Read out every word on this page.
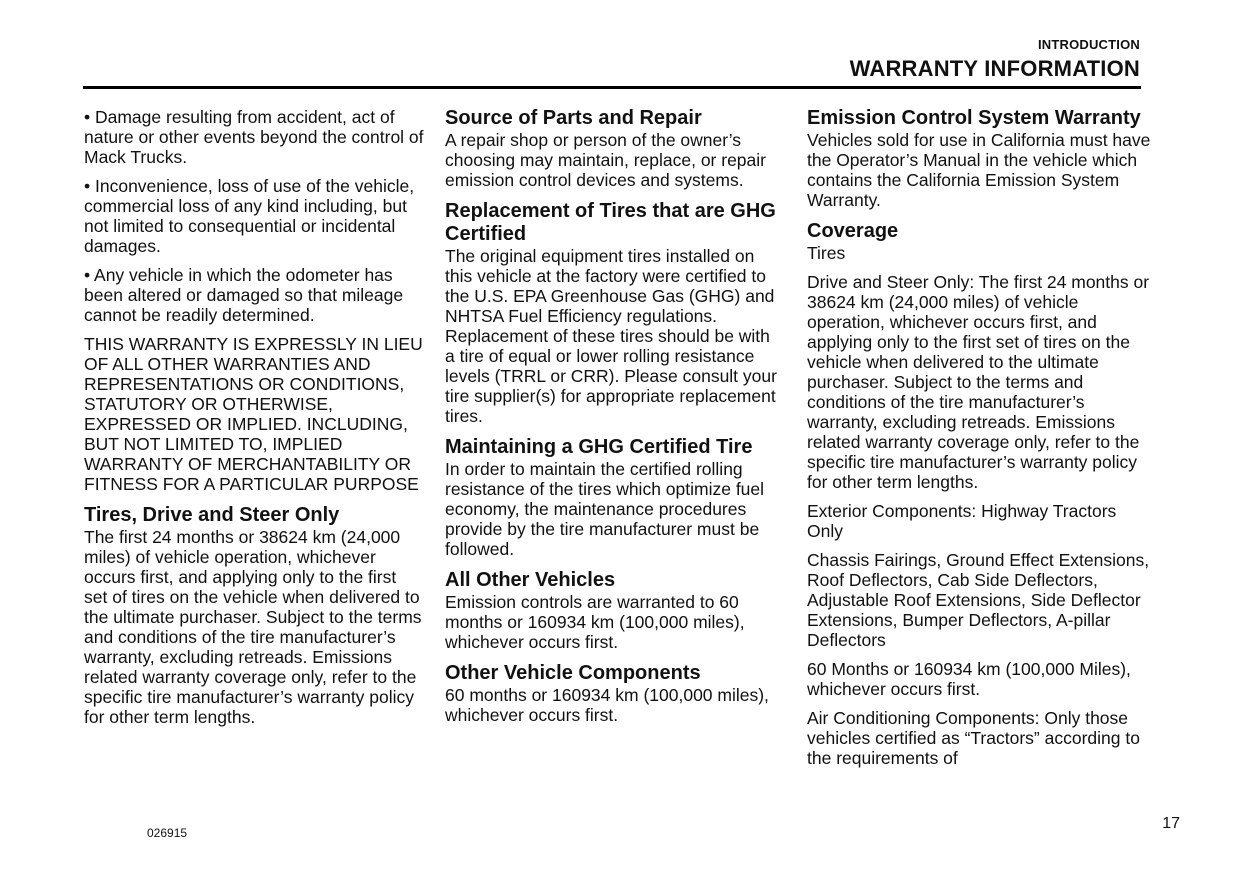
INTRODUCTION
WARRANTY INFORMATION

• Damage resulting from accident, act of nature or other events beyond the control of Mack Trucks.

• Inconvenience, loss of use of the vehicle, commercial loss of any kind including, but not limited to consequential or incidental damages.

• Any vehicle in which the odometer has been altered or damaged so that mileage cannot be readily determined.

THIS WARRANTY IS EXPRESSLY IN LIEU OF ALL OTHER WARRANTIES AND REPRESENTATIONS OR CONDITIONS, STATUTORY OR OTHERWISE, EXPRESSED OR IMPLIED. INCLUDING, BUT NOT LIMITED TO, IMPLIED WARRANTY OF MERCHANTABILITY OR FITNESS FOR A PARTICULAR PURPOSE

Tires, Drive and Steer Only

The first 24 months or 38624 km (24,000 miles) of vehicle operation, whichever occurs first, and applying only to the first set of tires on the vehicle when delivered to the ultimate purchaser. Subject to the terms and conditions of the tire manufacturer’s warranty, excluding retreads. Emissions related warranty coverage only, refer to the specific tire manufacturer’s warranty policy for other term lengths.

Source of Parts and Repair

A repair shop or person of the owner’s choosing may maintain, replace, or repair emission control devices and systems.

Replacement of Tires that are GHG Certified

The original equipment tires installed on this vehicle at the factory were certified to the U.S. EPA Greenhouse Gas (GHG) and NHTSA Fuel Efficiency regulations. Replacement of these tires should be with a tire of equal or lower rolling resistance levels (TRRL or CRR). Please consult your tire supplier(s) for appropriate replacement tires.

Maintaining a GHG Certified Tire

In order to maintain the certified rolling resistance of the tires which optimize fuel economy, the maintenance procedures provide by the tire manufacturer must be followed.

All Other Vehicles

Emission controls are warranted to 60 months or 160934 km (100,000 miles), whichever occurs first.

Other Vehicle Components

60 months or 160934 km (100,000 miles), whichever occurs first.

Emission Control System Warranty

Vehicles sold for use in California must have the Operator’s Manual in the vehicle which contains the California Emission System Warranty.

Coverage

Tires

Drive and Steer Only: The first 24 months or 38624 km (24,000 miles) of vehicle operation, whichever occurs first, and applying only to the first set of tires on the vehicle when delivered to the ultimate purchaser. Subject to the terms and conditions of the tire manufacturer’s warranty, excluding retreads. Emissions related warranty coverage only, refer to the specific tire manufacturer’s warranty policy for other term lengths.

Exterior Components: Highway Tractors Only

Chassis Fairings, Ground Effect Extensions, Roof Deflectors, Cab Side Deflectors, Adjustable Roof Extensions, Side Deflector Extensions, Bumper Deflectors, A-pillar Deflectors

60 Months or 160934 km (100,000 Miles), whichever occurs first.

Air Conditioning Components: Only those vehicles certified as “Tractors” according to the requirements of

026915
17
